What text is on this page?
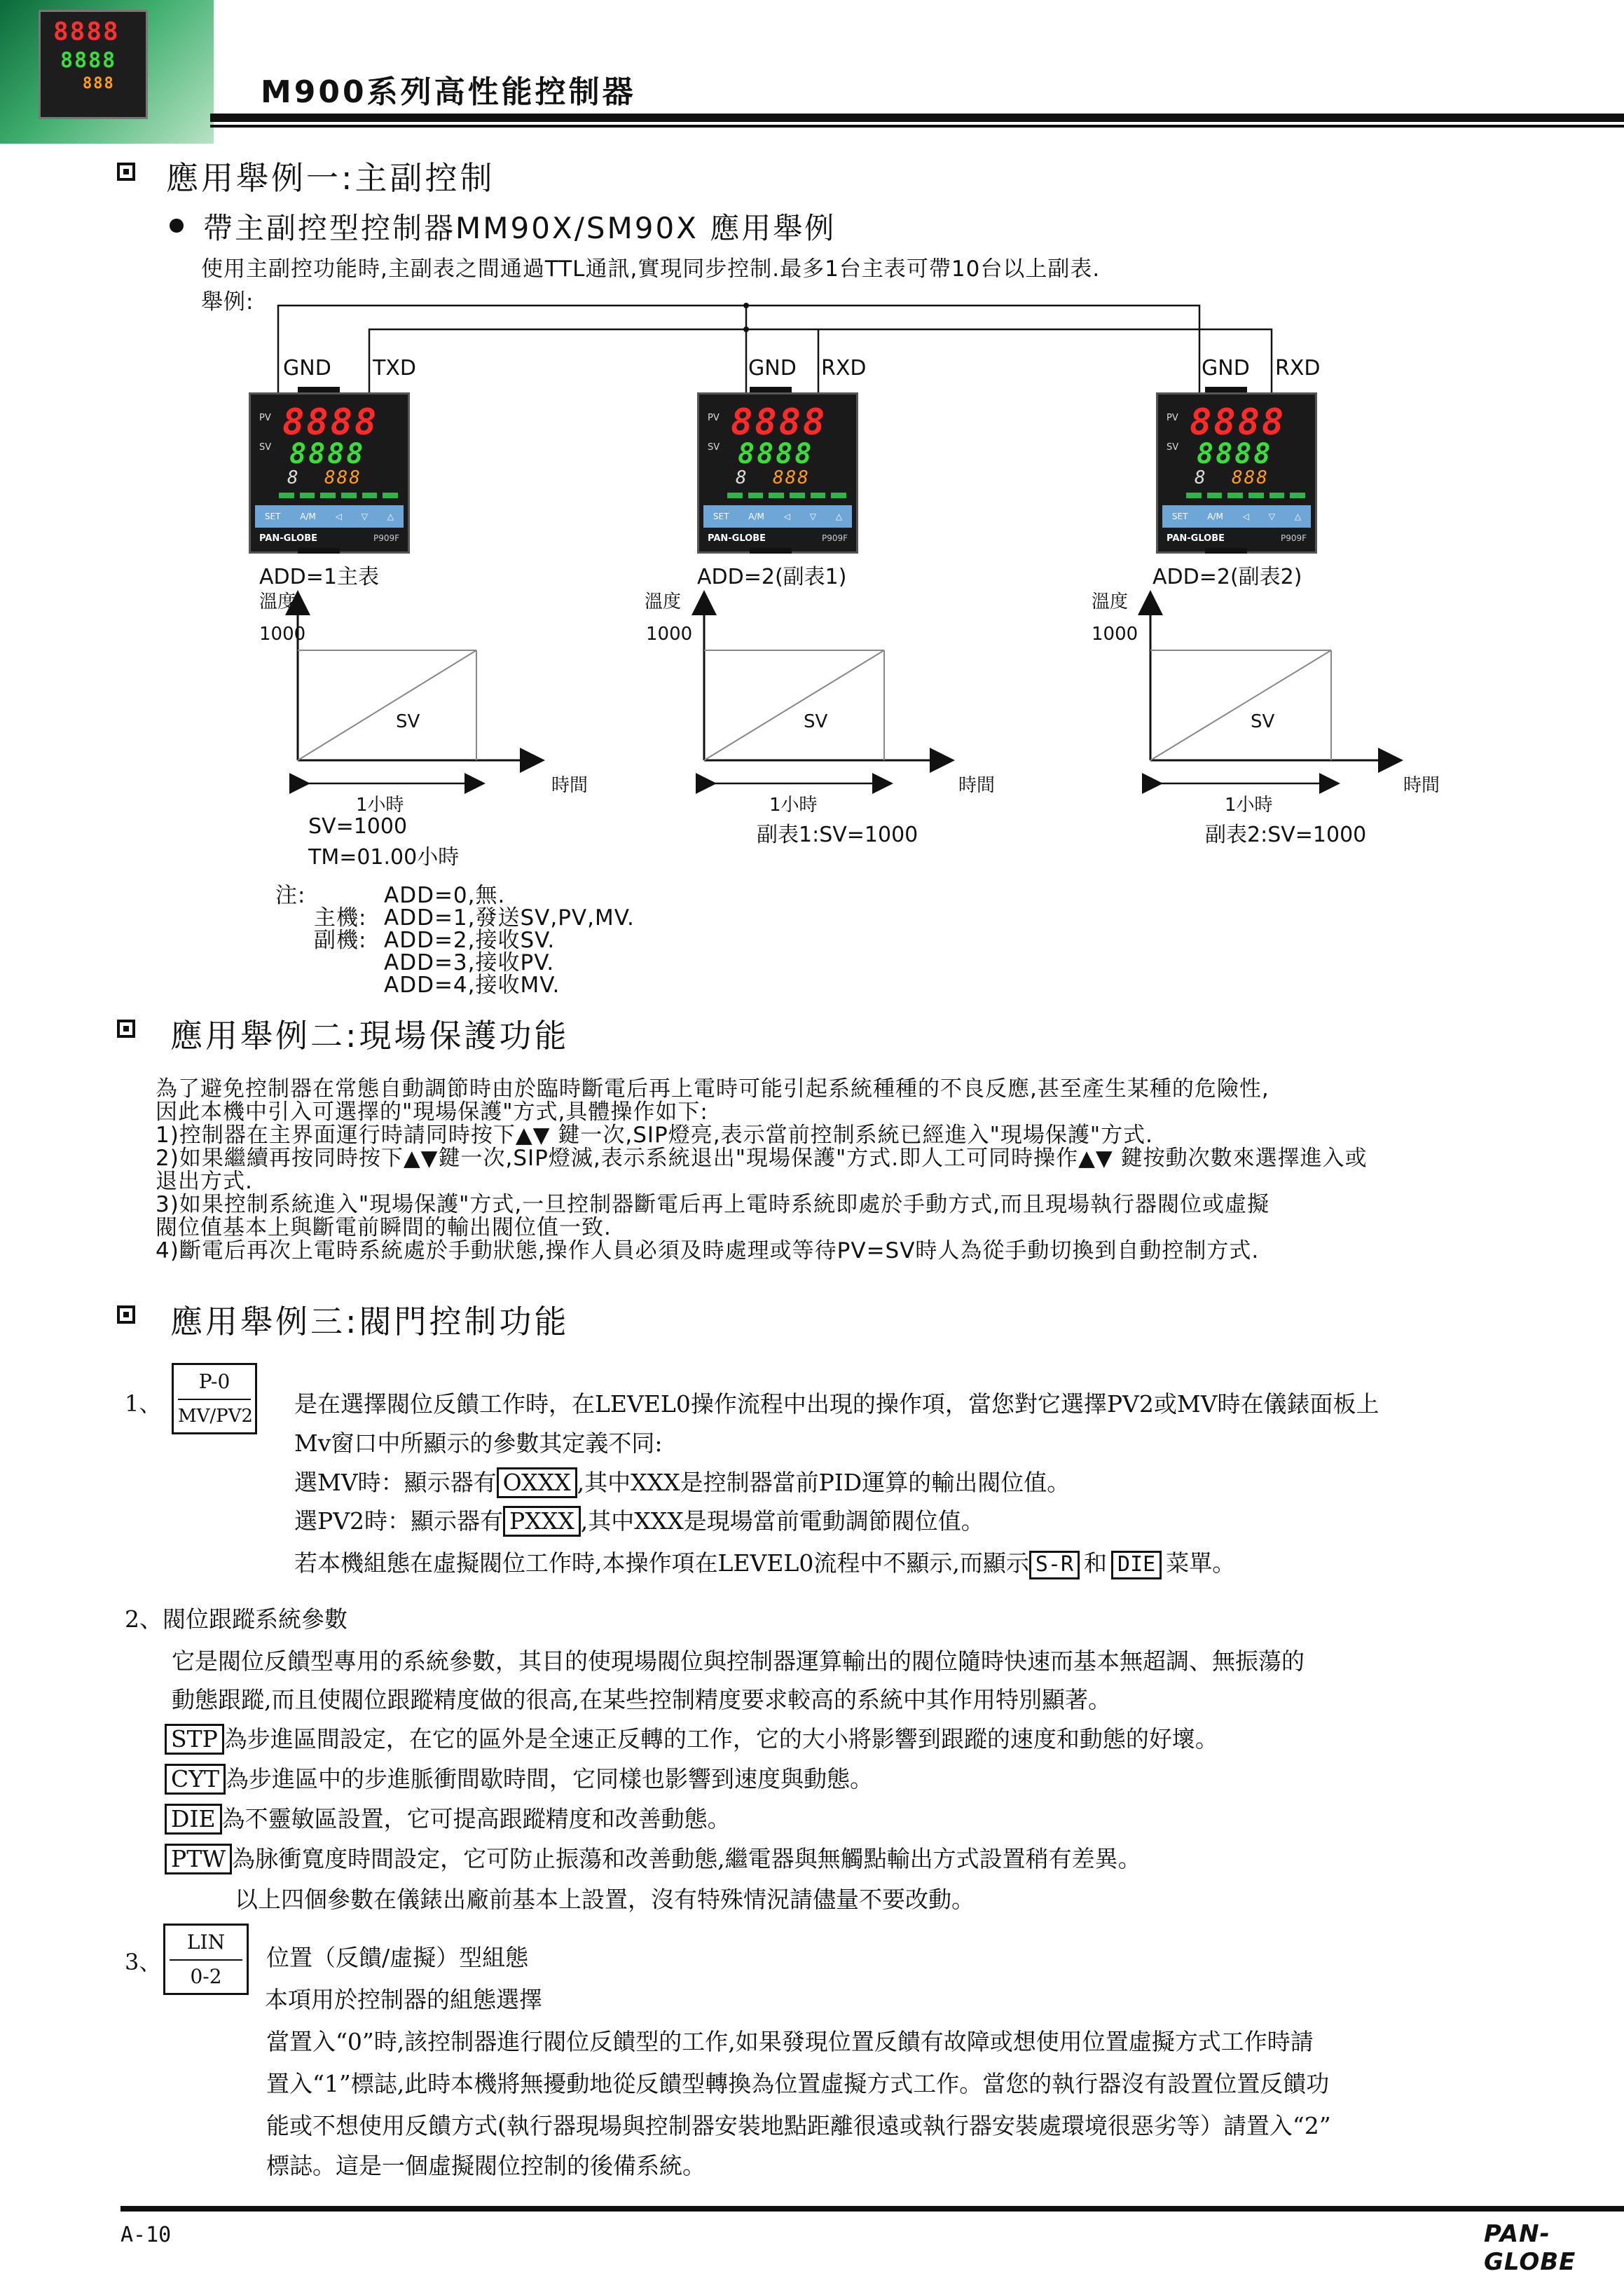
8888
8888
888	M900系列高性能控制器
應用舉例一:主副控制
帶主副控型控制器MM90X/SM90X 應用舉例
使用主副控功能時,主副表之間通過TTL通訊,實現同步控制.最多1台主表可帶10台以上副表.
舉例:
GND TXD
PV
SV
8888
8888
8 888
SET A/M ◁ ▽ △
PAN-GLOBE	P909F
ADD=1主表
GND RXD
PV
SV
8888
8888
8 888
SET A/M ◁ ▽ △
PAN-GLOBE	P909F
ADD=2(副表1)
GND RXD
PV
SV
8888
8888
8 888
SET A/M ◁ ▽ △
PAN-GLOBE	P909F
ADD=2(副表2)
溫度
1000
SV
時間
1小時
SV=1000
TM=01.00小時
溫度
1000
SV
時間
1小時
副表1:SV=1000
溫度
1000
SV
時間
1小時
副表2:SV=1000
注:	ADD=0,無.
主機: ADD=1,發送SV,PV,MV.
副機: ADD=2,接收SV.
ADD=3,接收PV.
ADD=4,接收MV.
應用舉例二:現場保護功能
為了避免控制器在常態自動調節時由於臨時斷電后再上電時可能引起系統種種的不良反應,甚至產生某種的危險性,
因此本機中引入可選擇的"現場保護"方式,具體操作如下:
1)控制器在主界面運行時請同時按下▲▼ 鍵一次,SIP燈亮,表示當前控制系統已經進入"現場保護"方式.
2)如果繼續再按同時按下▲▼鍵一次,SIP燈滅,表示系統退出"現場保護"方式.即人工可同時操作▲▼ 鍵按動次數來選擇進入或
退出方式.
3)如果控制系統進入"現場保護"方式,一旦控制器斷電后再上電時系統即處於手動方式,而且現場執行器閥位或虛擬
閥位值基本上與斷電前瞬間的輸出閥位值一致.
4)斷電后再次上電時系統處於手動狀態,操作人員必須及時處理或等待PV=SV時人為從手動切換到自動控制方式.
應用舉例三:閥門控制功能
1、
P-0
MV/PV2 是在選擇閥位反饋工作時，在LEVEL0操作流程中出現的操作項，當您對它選擇PV2或MV時在儀錶面板上
Mv窗口中所顯示的參數其定義不同:
選MV時：顯示器有 OXXX ,其中XXX是控制器當前PID運算的輸出閥位值。
選PV2時：顯示器有 PXXX ,其中XXX是現場當前電動調節閥位值。
若本機組態在虛擬閥位工作時,本操作項在LEVEL0流程中不顯示,而顯示 S-R 和 DIE 菜單。
2、閥位跟蹤系統參數
它是閥位反饋型專用的系統參數，其目的使現場閥位與控制器運算輸出的閥位隨時快速而基本無超調、無振蕩的
動態跟蹤,而且使閥位跟蹤精度做的很高,在某些控制精度要求較高的系統中其作用特別顯著。
STP 為步進區間設定，在它的區外是全速正反轉的工作，它的大小將影響到跟蹤的速度和動態的好壞。
CYT 為步進區中的步進脈衝間歇時間，它同樣也影響到速度與動態。
DIE 為不靈敏區設置，它可提高跟蹤精度和改善動態。
PTW 為脉衝寬度時間設定，它可防止振蕩和改善動態,繼電器與無觸點輸出方式設置稍有差異。
以上四個參數在儀錶出廠前基本上設置，沒有特殊情況請儘量不要改動。
3、
LIN
0-2
位置（反饋/虛擬）型組態
本項用於控制器的組態選擇
當置入“0”時,該控制器進行閥位反饋型的工作,如果發現位置反饋有故障或想使用位置虛擬方式工作時請
置入“1”標誌,此時本機將無擾動地從反饋型轉換為位置虛擬方式工作。當您的執行器沒有設置位置反饋功
能或不想使用反饋方式(執行器現場與控制器安裝地點距離很遠或執行器安裝處環境很惡劣等）請置入“2”
標誌。這是一個虛擬閥位控制的後備系統。
A-10	PAN-GLOBE
